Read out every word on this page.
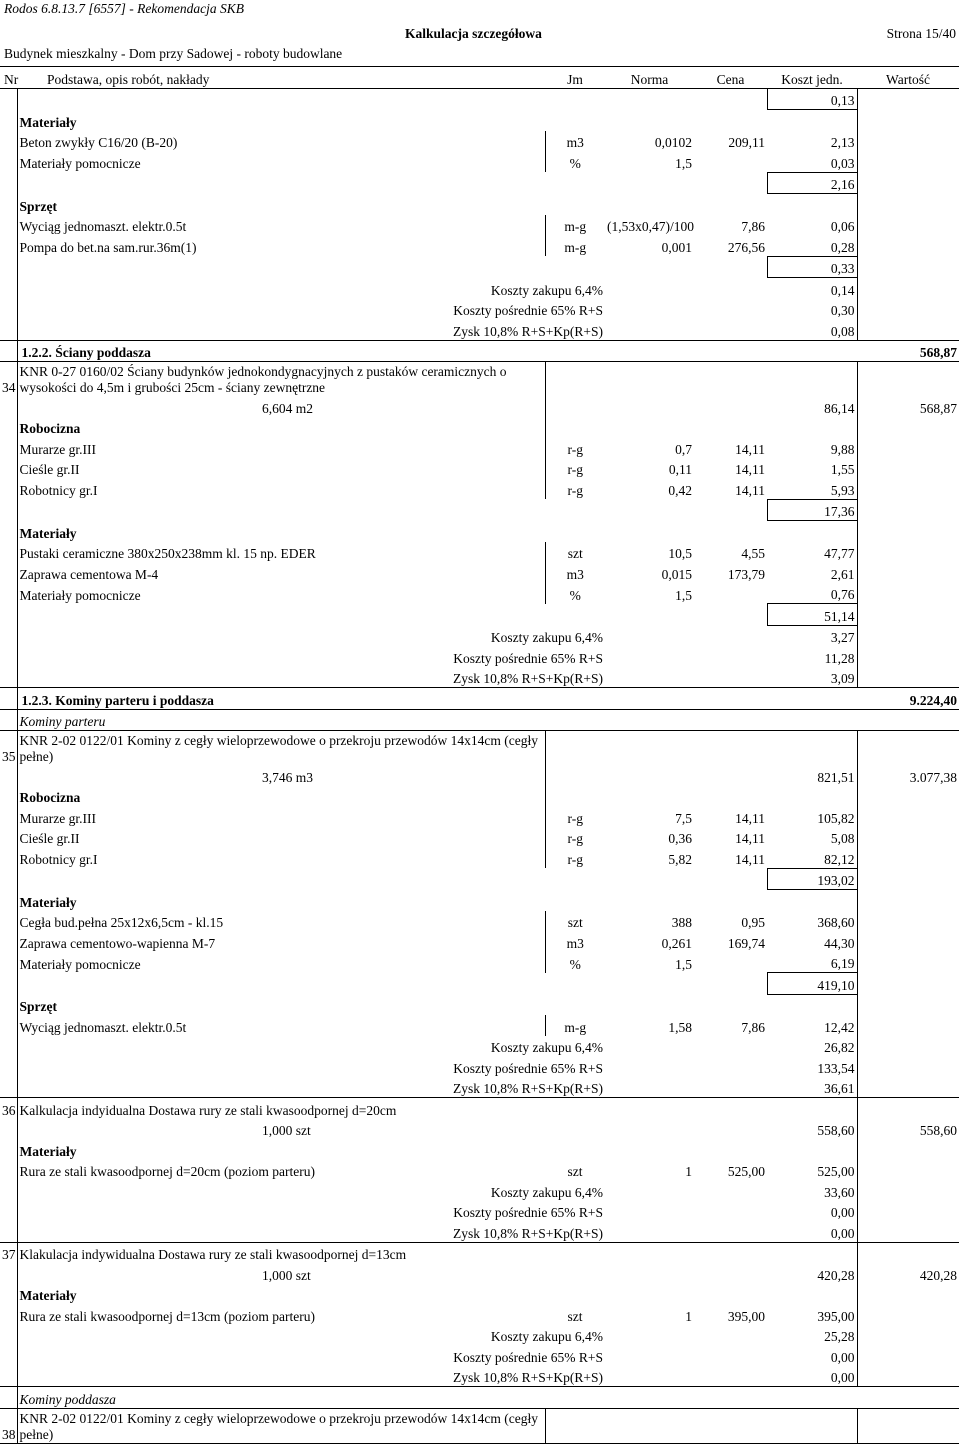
Rodos 6.8.13.7 [6557] - Rekomendacja SKB
Kalkulacja szczegółowa	Strona 15/40
Budynek mieszkalny - Dom przy Sadowej - roboty budowlane
Nr		Podstawa, opis robót, nakłady	Jm	Norma	Cena	Koszt jedn.	Wartość
						0,13	
	Materiały						
	Beton zwykły C16/20 (B-20)		m3	0,0102	209,11	2,13	
	Materiały pomocnicze		%	1,5		0,03	
						2,16	
	Sprzęt						
	Wyciąg jednomaszt. elektr.0.5t		m-g	(1,53x0,47)/100	7,86	0,06	
	Pompa do bet.na sam.rur.36m(1)		m-g	0,001	276,56	0,28	
						0,33	
		Koszty zakupu 6,4%				0,14	
		Koszty pośrednie 65% R+S				0,30	
		Zysk 10,8% R+S+Kp(R+S)				0,08	
	1.2.2. Ściany poddasza						568,87
34	KNR 0-27 0160/02 Ściany budynków jednokondygnacyjnych z pustaków ceramicznych o wysokości do 4,5m i grubości 25cm - ściany zewnętrzne						
		6,604 m2				86,14	568,87
	Robocizna						
	Murarze gr.III		r-g	0,7	14,11	9,88	
	Cieśle gr.II		r-g	0,11	14,11	1,55	
	Robotnicy gr.I		r-g	0,42	14,11	5,93	
						17,36	
	Materiały						
	Pustaki ceramiczne 380x250x238mm kl. 15 np. EDER		szt	10,5	4,55	47,77	
	Zaprawa cementowa M-4		m3	0,015	173,79	2,61	
	Materiały pomocnicze		%	1,5		0,76	
						51,14	
		Koszty zakupu 6,4%				3,27	
		Koszty pośrednie 65% R+S				11,28	
		Zysk 10,8% R+S+Kp(R+S)				3,09	
	1.2.3. Kominy parteru i poddasza						9.224,40
	Kominy parteru						
35	KNR 2-02 0122/01 Kominy z cegły wieloprzewodowe o przekroju przewodów 14x14cm (cegły pełne)						
		3,746 m3				821,51	3.077,38
	Robocizna						
	Murarze gr.III		r-g	7,5	14,11	105,82	
	Cieśle gr.II		r-g	0,36	14,11	5,08	
	Robotnicy gr.I		r-g	5,82	14,11	82,12	
						193,02	
	Materiały						
	Cegła bud.pełna 25x12x6,5cm - kl.15		szt	388	0,95	368,60	
	Zaprawa cementowo-wapienna M-7		m3	0,261	169,74	44,30	
	Materiały pomocnicze		%	1,5		6,19	
						419,10	
	Sprzęt						
	Wyciąg jednomaszt. elektr.0.5t		m-g	1,58	7,86	12,42	
		Koszty zakupu 6,4%				26,82	
		Koszty pośrednie 65% R+S				133,54	
		Zysk 10,8% R+S+Kp(R+S)				36,61	
36	Kalkulacja indyidualna Dostawa rury ze stali kwasoodpornej d=20cm						
		1,000 szt				558,60	558,60
	Materiały						
	Rura ze stali kwasoodpornej d=20cm (poziom parteru)		szt	1	525,00	525,00	
		Koszty zakupu 6,4%				33,60	
		Koszty pośrednie 65% R+S				0,00	
		Zysk 10,8% R+S+Kp(R+S)				0,00	
37	Klakulacja indywidualna Dostawa rury ze stali kwasoodpornej d=13cm						
		1,000 szt				420,28	420,28
	Materiały						
	Rura ze stali kwasoodpornej d=13cm (poziom parteru)		szt	1	395,00	395,00	
		Koszty zakupu 6,4%				25,28	
		Koszty pośrednie 65% R+S				0,00	
		Zysk 10,8% R+S+Kp(R+S)				0,00	
	Kominy poddasza						
38	KNR 2-02 0122/01 Kominy z cegły wieloprzewodowe o przekroju przewodów 14x14cm (cegły pełne)						
